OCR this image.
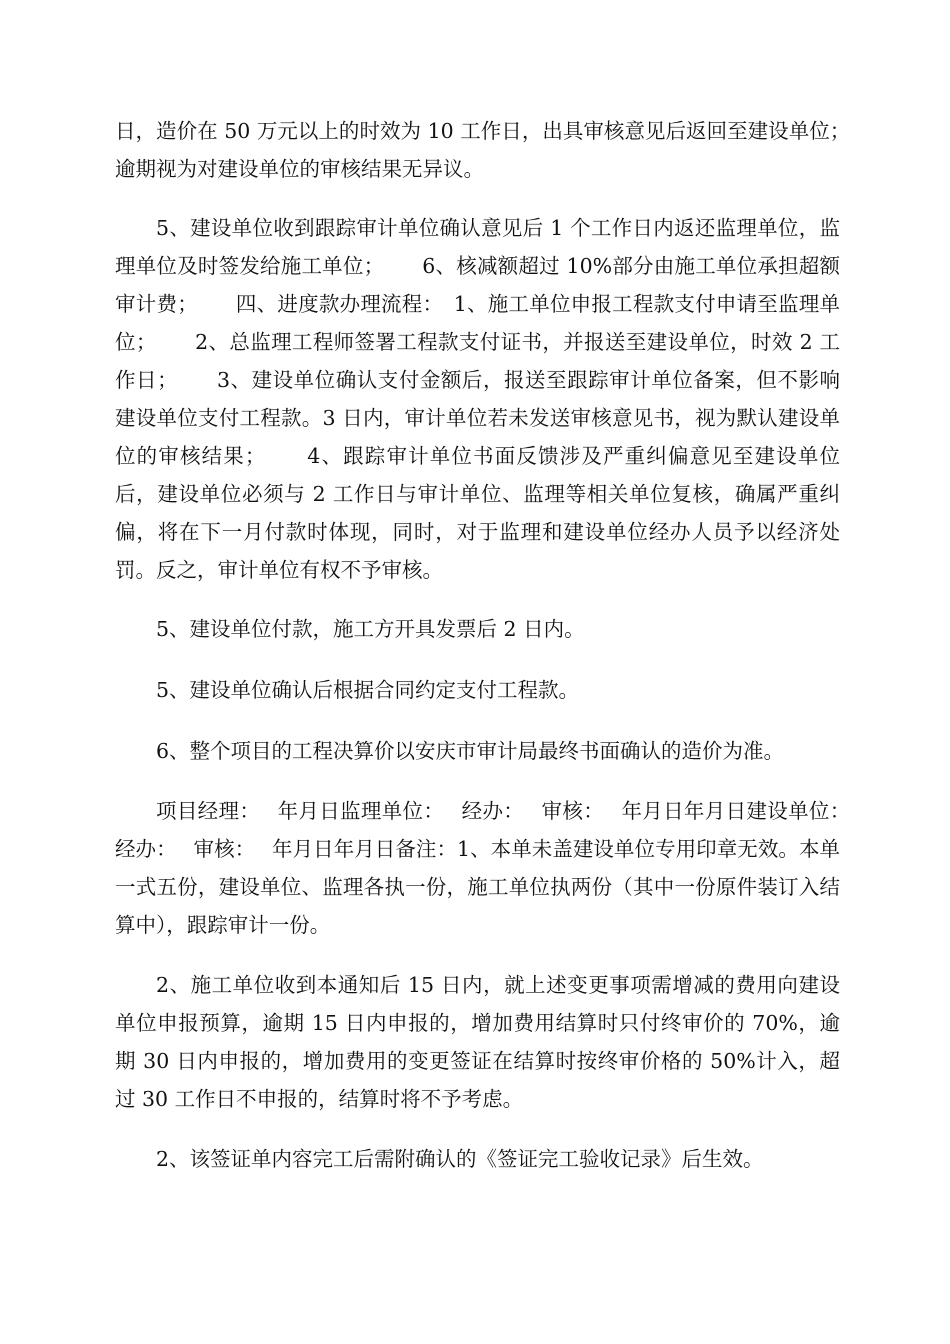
日，造价在 50 万元以上的时效为 10 工作日，出具审核意见后返回至建设单位；　 逾期视为对建设单位的审核结果无异议。

5、建设单位收到跟踪审计单位确认意见后 1 个工作日内返还监理单位，监理单位及时签发给施工单位；　　 6、核减额超过 10%部分由施工单位承担超额审计费；　　 四、进度款办理流程：　1、施工单位申报工程款支付申请至监理单位；　　 2、总监理工程师签署工程款支付证书，并报送至建设单位，时效 2 工作日；　　 3、建设单位确认支付金额后，报送至跟踪审计单位备案，但不影响建设单位支付工程款。3 日内，审计单位若未发送审核意见书，视为默认建设单位的审核结果；　　 4、跟踪审计单位书面反馈涉及严重纠偏意见至建设单位后，建设单位必须与 2 工作日与审计单位、监理等相关单位复核，确属严重纠偏，将在下一月付款时体现，同时，对于监理和建设单位经办人员予以经济处罚。反之，审计单位有权不予审核。

5、建设单位付款，施工方开具发票后 2 日内。

5、建设单位确认后根据合同约定支付工程款。

6、整个项目的工程决算价以安庆市审计局最终书面确认的造价为准。

项目经理：　 年月日监理单位：　 经办：　 审核：　 年月日年月日建设单位：　 经办：　 审核：　 年月日年月日备注：1、本单未盖建设单位专用印章无效。本单一式五份，建设单位、监理各执一份，施工单位执两份（其中一份原件装订入结算中），跟踪审计一份。

2、施工单位收到本通知后 15 日内，就上述变更事项需增减的费用向建设单位申报预算，逾期 15 日内申报的，增加费用结算时只付终审价的 70%，逾期 30 日内申报的，增加费用的变更签证在结算时按终审价格的 50%计入，超过 30 工作日不申报的，结算时将不予考虑。

2、该签证单内容完工后需附确认的《签证完工验收记录》后生效。
